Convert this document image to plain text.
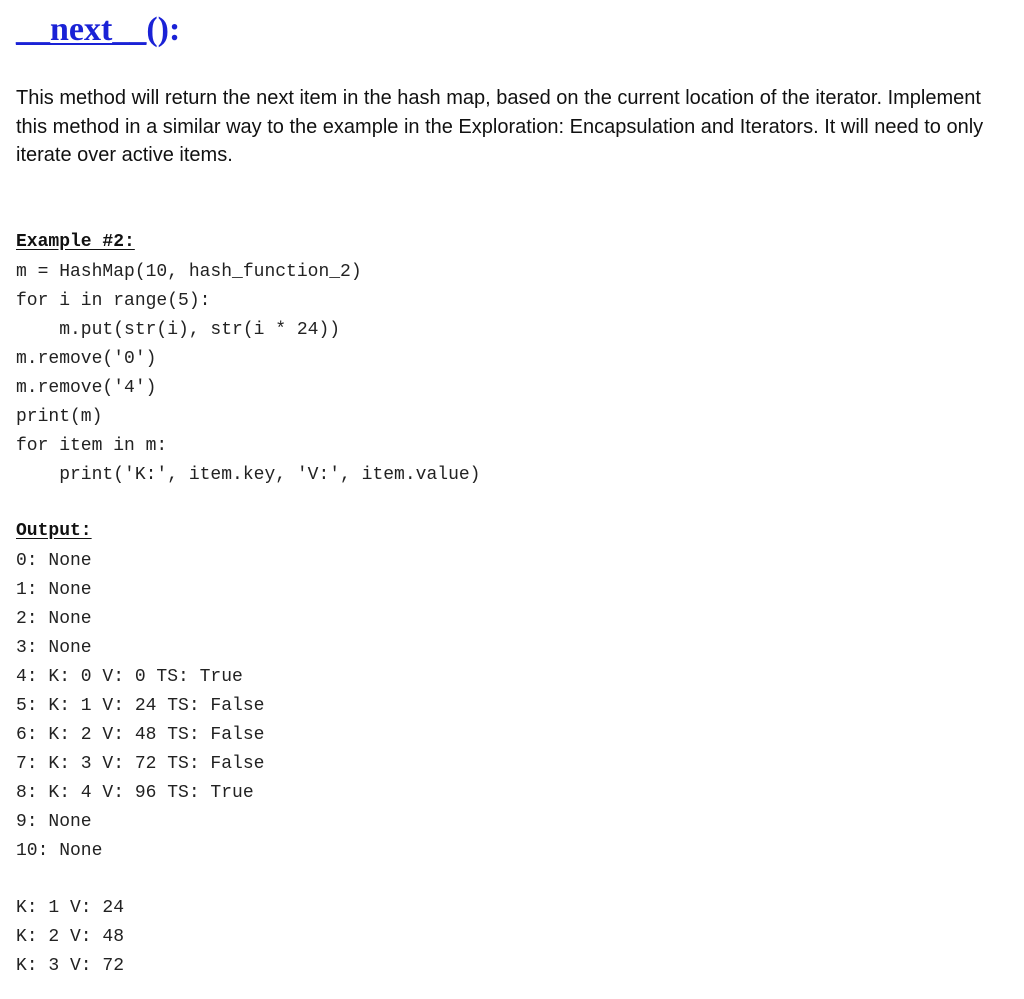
__next__():

This method will return the next item in the hash map, based on the current location of the iterator. Implement this method in a similar way to the example in the Exploration: Encapsulation and Iterators. It will need to only iterate over active items.

Example #2:
m = HashMap(10, hash_function_2)
for i in range(5):
m.put(str(i), str(i * 24))
m.remove('0')
m.remove('4')
print(m)
for item in m:
print('K:', item.key, 'V:', item.value)
Output:
0: None
1: None
2: None
3: None
4: K: 0 V: 0 TS: True
5: K: 1 V: 24 TS: False
6: K: 2 V: 48 TS: False
7: K: 3 V: 72 TS: False
8: K: 4 V: 96 TS: True
9: None
10: None
K: 1 V: 24
K: 2 V: 48
K: 3 V: 72
